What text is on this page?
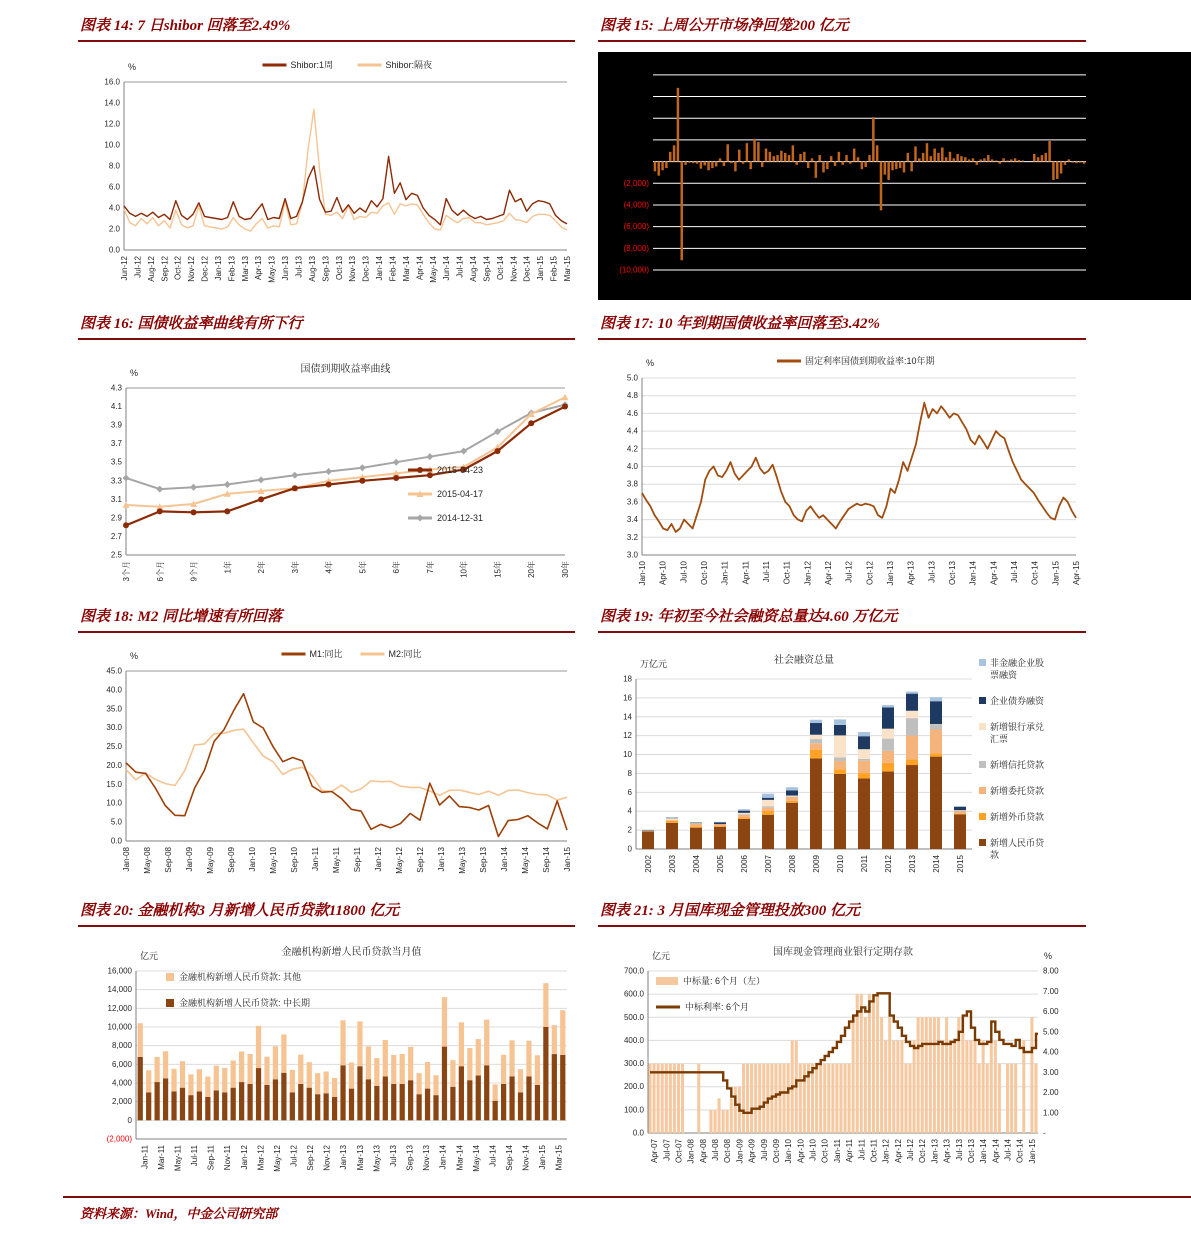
图表 14: 7 日shibor 回落至2.49%	图表 15: 上周公开市场净回笼200 亿元
0.0
2.0
4.0
6.0
8.0
10.0
12.0
14.0
16.0
Jun-12 Jul-12 Aug-12 Sep-12 Oct-12 Nov-12 Dec-12 Jan-13 Feb-13 Mar-13 Apr-13 May-13 Jun-13 Jul-13 Aug-13 Sep-13 Oct-13 Nov-13 Dec-13 Jan-14 Feb-14 Mar-14 Apr-14 May-14 Jun-14 Jul-14 Aug-14 Sep-14 Oct-14 Nov-14 Dec-14 Jan-15 Feb-15 Mar-15
%	Shibor:1周	Shibor:隔夜
(2,000)
(4,000)
(6,000)
(8,000)
(10,000)
图表 16: 国债收益率曲线有所下行	图表 17: 10 年到期国债收益率回落至3.42%
2.5
2.7
2.9
3.1
3.3
3.5
3.7
3.9
4.1
4.3
3个月	6个月	9个月	1年	2年	3年	4年	5年	6年	7年	10年	15年	20年	30年
国债到期收益率曲线
%
2015-04-23
2015-04-17
2014-12-31
3.0
3.2
3.4
3.6
3.8
4.0
4.2
4.4
4.6
4.8
5.0
Jan-10 Apr-10 Jul-10 Oct-10 Jan-11 Apr-11 Jul-11 Oct-11 Jan-12 Apr-12 Jul-12 Oct-12 Jan-13 Apr-13 Jul-13 Oct-13 Jan-14 Apr-14 Jul-14 Oct-14 Jan-15 Apr-15
%	固定利率国债到期收益率:10年期
图表 18: M2 同比增速有所回落	图表 19: 年初至今社会融资总量达4.60 万亿元
0.0
5.0
10.0
15.0
20.0
25.0
30.0
35.0
40.0
45.0
Jan-08 May-08 Sep-08 Jan-09 May-09 Sep-09 Jan-10 May-10 Sep-10 Jan-11 May-11 Sep-11 Jan-12 May-12 Sep-12 Jan-13 May-13 Sep-13 Jan-14 May-14 Sep-14 Jan-15
%	M1:同比	M2:同比
0
2
4
6
8
10
12
14
16
18
2002 2003 2004 2005 2006 2007 2008 2009 2010 2011 2012 2013 2014 2015
社会融资总量
万亿元	非金融企业股
票融资
企业债券融资
新增银行承兑
汇票
新增信托贷款
新增委托贷款
新增外币贷款
新增人民币贷
款
图表 20: 金融机构3 月新增人民币贷款11800 亿元	图表 21: 3 月国库现金管理投放300 亿元
(2,000)
0
2,000
4,000
6,000
8,000
10,000
12,000
14,000
16,000
Jan-11 Mar-11 May-11 Jul-11 Sep-11 Nov-11 Jan-12 Mar-12 May-12 Jul-12 Sep-12 Nov-12 Jan-13 Mar-13 May-13 Jul-13 Sep-13 Nov-13 Jan-14 Mar-14 May-14 Jul-14 Sep-14 Nov-14 Jan-15 Mar-15
金融机构新增人民币贷款当月值
亿元
金融机构新增人民币贷款: 其他
金融机构新增人民币贷款: 中长期
0.0
100.0
200.0
300.0
400.0
500.0
600.0
700.0
-
1.00
2.00
3.00
4.00
5.00
6.00
7.00
8.00
Apr-07 Jul-07 Oct-07 Jan-08 Apr-08 Jul-08 Oct-08 Jan-09 Apr-09 Jul-09 Oct-09 Jan-10 Apr-10 Jul-10 Oct-10 Jan-11 Apr-11 Jul-11 Oct-11 Jan-12 Apr-12 Jul-12 Oct-12 Jan-13 Apr-13 Jul-13 Oct-13 Jan-14 Apr-14 Jul-14 Oct-14 Jan-15
国库现金管理商业银行定期存款
亿元	%
中标量: 6个月（左）
中标利率: 6个月
资料来源：Wind，中金公司研究部
